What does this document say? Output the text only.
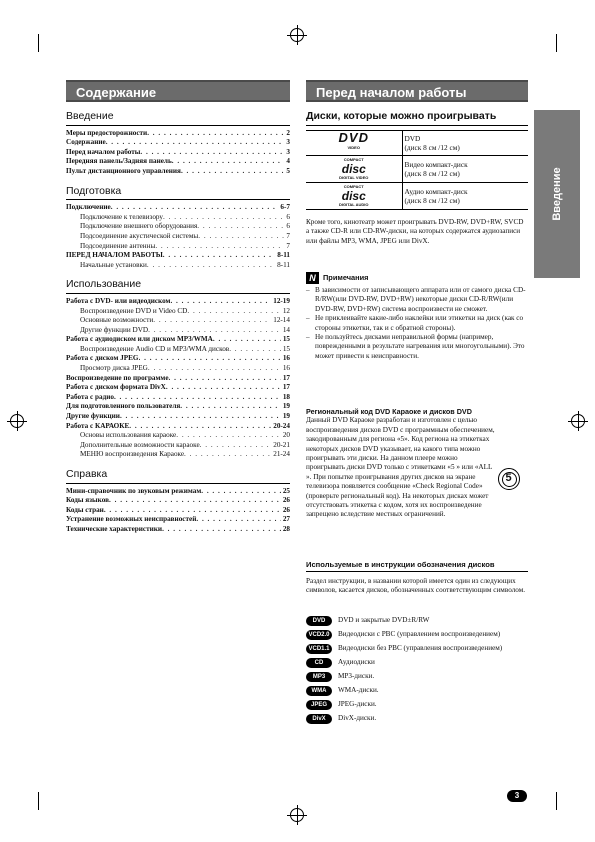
Содержание	Перед началом работы
Введение
Введение
Меры предосторожности . . .	2
Содержание . . .	3
Перед началом работы . . .	3
Передняя панель/Задняя панель . . .	4
Пульт дистанционного управления . . .	5
Подготовка
Подключение . . .	6-7
Подключение к телевизору . . .	6
Подключение внешнего оборудования . . .	6
Подсоединение акустической системы . . .	7
Подсоединение антенны . . .	7
ПЕРЕД НАЧАЛОМ РАБОТЫ . . .	8-11
Начальные установки . . .	8-11
Использование
Работа с DVD- или видеодиском . . .	12-19
Воспроизведение DVD и Video CD . . .	12
Основные возможности . . .	12-14
Другие функции DVD . . .	14
Работа с аудиодиском или диском MP3/WMA . . .	15
Воспроизведение Audio CD и MP3/WMA дисков . . .	15
Работа с диском JPEG . . .	16
Просмотр диска JPEG . . .	16
Воспроизведение по программе . . .	17
Работа с диском формата DivX . . .	17
Работа с радио . . .	18
Для подготовленного пользователя . . .	19
Другие функции . . .	19
Работа с КАРАОКЕ . . .	20-24
Основы использования караоке . . .	20
Дополнительные возможности караоке . . .	20-21
МЕНЮ воспроизведения Караоке . . .	21-24
Справка
Мини-справочник по звуковым режимам . . .	25
Коды языков . . .	26
Коды стран . . .	26
Устранение возможных неисправностей . . .	27
Технические характеристики . . .	28
Диски, которые можно проигрывать
DVD
VIDEO	DVD
(диск 8 см /12 см)

COMPACT
disc
DIGITAL VIDEO	Видео компакт-диск
(диск 8 см /12 см)

COMPACT
disc
DIGITAL AUDIO	Аудио компакт-диск
(диск 8 см /12 см)
Кроме того, кинотеатр может проигрывать DVD-RW, DVD+RW, SVCD а также CD-R или CD-RW-диски, на которых содержатся аудиозаписи или файлы MP3, WMA, JPEG или DivX.
N Примечания
– В зависимости от записывающего аппарата или от самого диска CD-R/RW(или DVD-RW, DVD+RW) некоторые диски CD-R/RW(или DVD-RW, DVD+RW) система воспроизвести не сможет.
– Не приклеивайте какие-либо наклейки или этикетки на диск (как со стороны этикетки, так и с обратной стороны).
– Не пользуйтесь дисками неправильной формы (например, поврежденными в результате нагревания или многоугольными). Это может привести к неисправности.
Региональный код DVD Караоке и дисков DVD
Данный DVD Караоке разработан и изготовлен с целью воспроизведения дисков DVD с программным обеспечением, закодированным для региона «5». Код региона на этикетках некоторых дисков DVD указывает, на какого типа можно проигрывать эти диски. На данном плеере можно проигрывать диски DVD только с этикетками «5 » или «ALL ». При попытке проигрывания других дисков на экране телевизора появляется сообщение «Check Regional Code» (проверьте региональный код). На некоторых дисках может отсутствовать этикетка с кодом, хотя их воспроизведение запрещено вследствие местных ограничений.
5
Используемые в инструкции обозначения дисков
Раздел инструкции, в названии которой имеется один из следующих символов, касается дисков, обозначенных соответствующим символом.
DVD	DVD и закрытые DVD±R/RW
VCD2.0	Видеодиски с PBC (управлением воспроизведением)
VCD1.1	Видеодиски без PBC (управления воспроизведением)
CD	Аудиодиски
MP3	MP3-диски.
WMA	WMA-диски.
JPEG	JPEG-диски.
DivX	DivX-диски.
3
